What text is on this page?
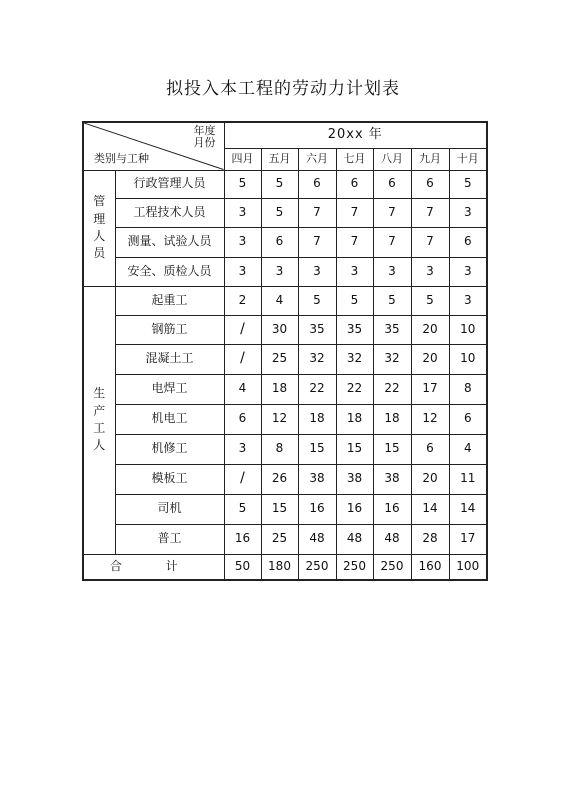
拟投入本工程的劳动力计划表
年度
月份
类别与工种		20xx 年						
		四月	五月	六月	七月	八月	九月	十月

管
理
人
员	行政管理人员	5	5	6	6	6	6	5
	工程技术人员	3	5	7	7	7	7	3
	测量、试验人员	3	6	7	7	7	7	6
	安全、质检人员	3	3	3	3	3	3	3

生
产
工
人	起重工	2	4	5	5	5	5	3
	钢筋工	/	30	35	35	35	20	10
	混凝土工	/	25	32	32	32	20	10
	电焊工	4	18	22	22	22	17	8
	机电工	6	12	18	18	18	12	6
	机修工	3	8	15	15	15	6	4
	模板工	/	26	38	38	38	20	11
	司机	5	15	16	16	16	14	14
	普工	16	25	48	48	48	28	17
合 计		50	180	250	250	250	160	100
